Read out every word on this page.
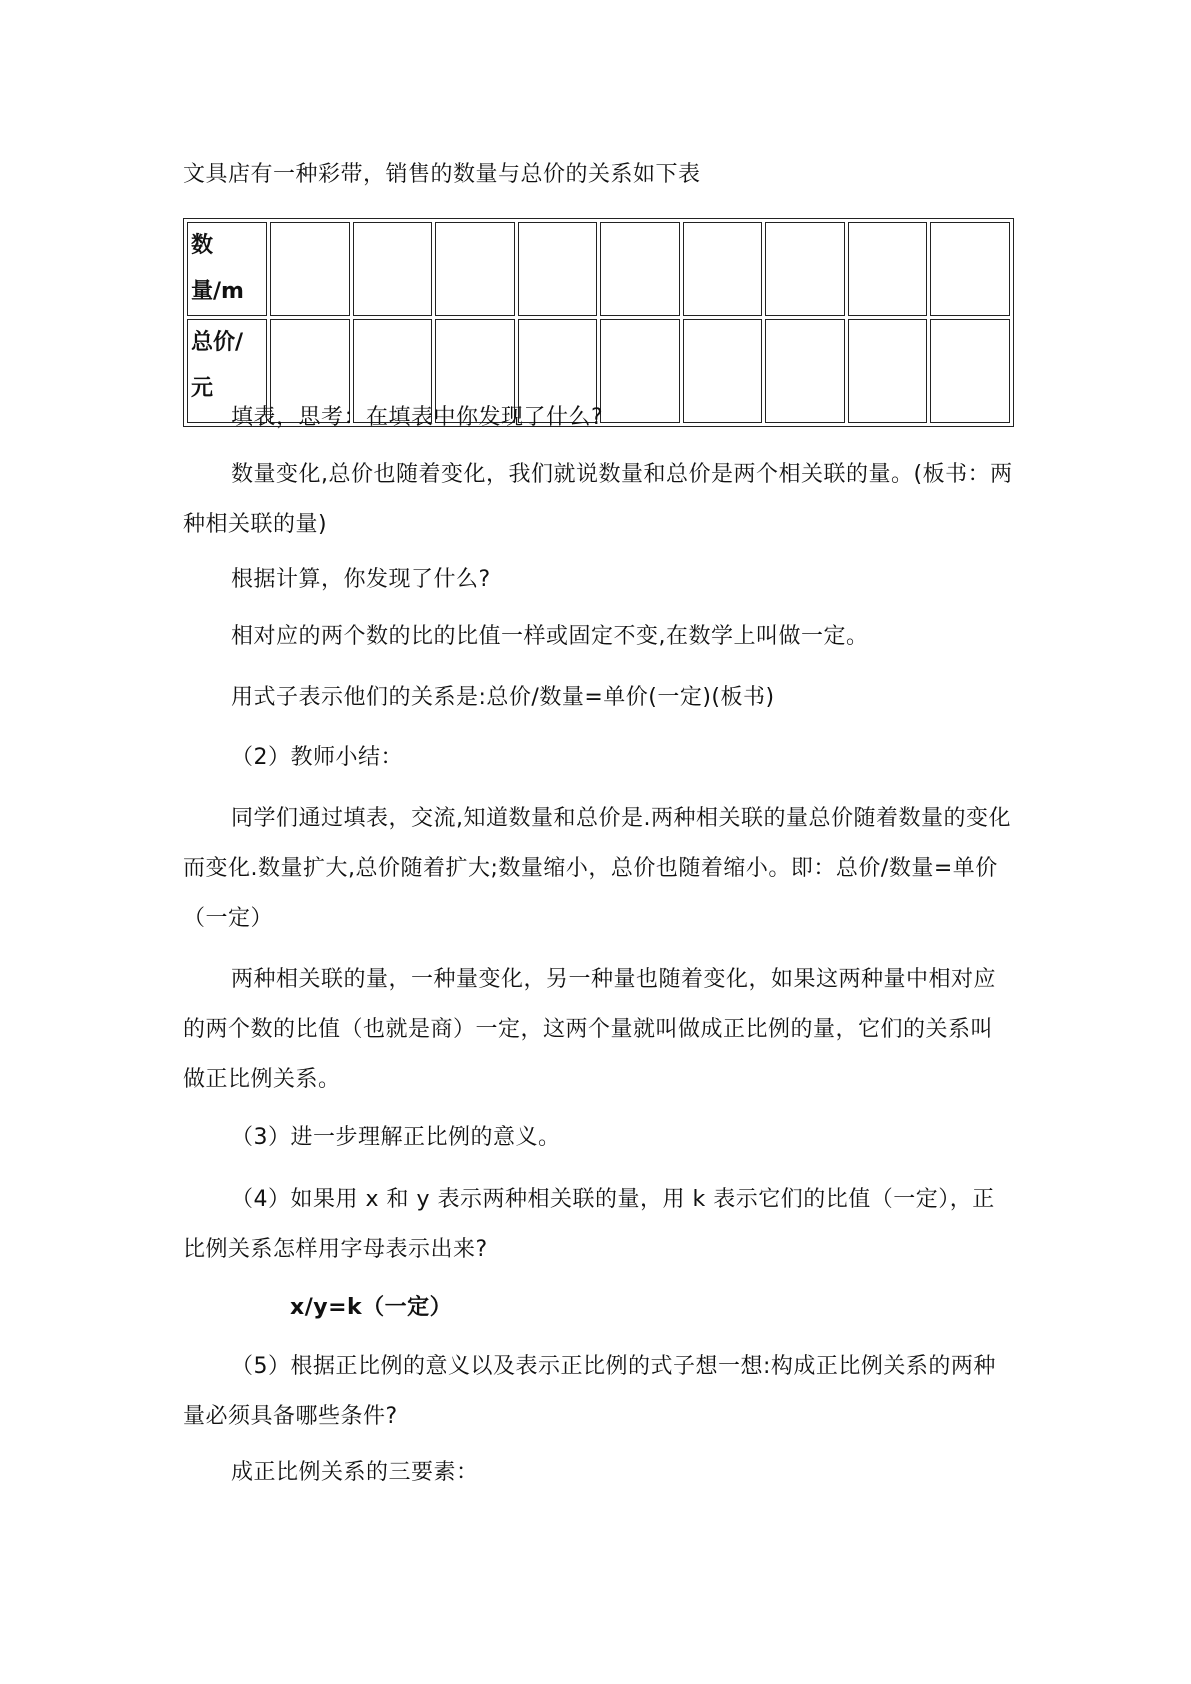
文具店有一种彩带，销售的数量与总价的关系如下表

数量/m									
总价/元									

填表，思考：在填表中你发现了什么?

数量变化,总价也随着变化，我们就说数量和总价是两个相关联的量。(板书：两种相关联的量)

根据计算，你发现了什么?

相对应的两个数的比的比值一样或固定不变,在数学上叫做一定。

用式子表示他们的关系是:总价/数量=单价(一定)(板书)

（2）教师小结：

同学们通过填表，交流,知道数量和总价是.两种相关联的量总价随着数量的变化而变化.数量扩大,总价随着扩大;数量缩小，总价也随着缩小。即：总价/数量=单价（一定）

两种相关联的量，一种量变化，另一种量也随着变化，如果这两种量中相对应的两个数的比值（也就是商）一定，这两个量就叫做成正比例的量，它们的关系叫做正比例关系。

（3）进一步理解正比例的意义。

（4）如果用 x 和 y 表示两种相关联的量，用 k 表示它们的比值（一定），正比例关系怎样用字母表示出来?

x/y=k（一定）

（5）根据正比例的意义以及表示正比例的式子想一想:构成正比例关系的两种量必须具备哪些条件?

成正比例关系的三要素：
